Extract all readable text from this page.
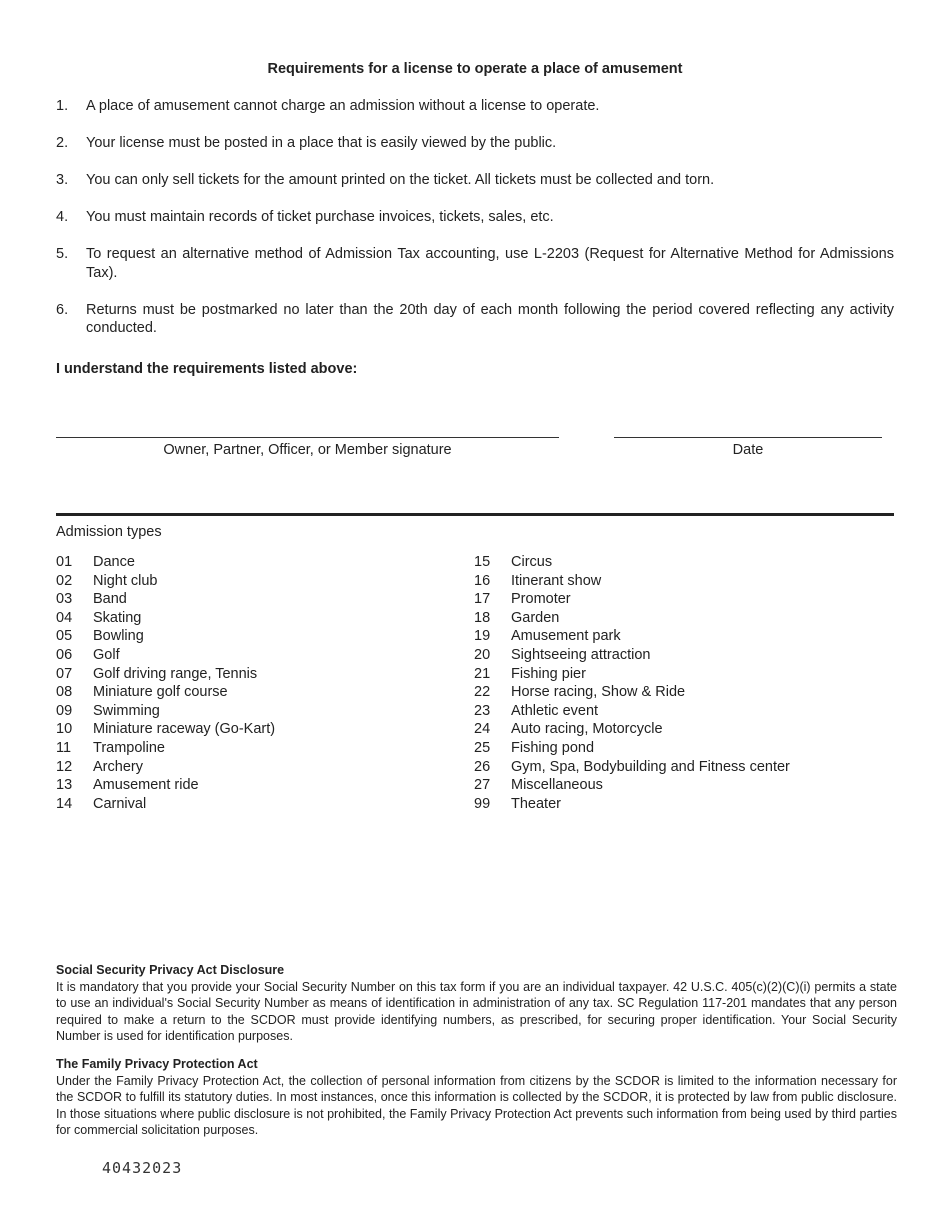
Requirements for a license to operate a place of amusement
1. A place of amusement cannot charge an admission without a license to operate.
2. Your license must be posted in a place that is easily viewed by the public.
3. You can only sell tickets for the amount printed on the ticket. All tickets must be collected and torn.
4. You must maintain records of ticket purchase invoices, tickets, sales, etc.
5. To request an alternative method of Admission Tax accounting, use L-2203 (Request for Alternative Method for Admissions Tax).
6. Returns must be postmarked no later than the 20th day of each month following the period covered reflecting any activity conducted.
I understand the requirements listed above:
Owner, Partner, Officer, or Member signature	Date
Admission types
01 Dance
02 Night club
03 Band
04 Skating
05 Bowling
06 Golf
07 Golf driving range, Tennis
08 Miniature golf course
09 Swimming
10 Miniature raceway (Go-Kart)
11 Trampoline
12 Archery
13 Amusement ride
14 Carnival
15 Circus
16 Itinerant show
17 Promoter
18 Garden
19 Amusement park
20 Sightseeing attraction
21 Fishing pier
22 Horse racing, Show & Ride
23 Athletic event
24 Auto racing, Motorcycle
25 Fishing pond
26 Gym, Spa, Bodybuilding and Fitness center
27 Miscellaneous
99 Theater
Social Security Privacy Act Disclosure
It is mandatory that you provide your Social Security Number on this tax form if you are an individual taxpayer. 42 U.S.C. 405(c)(2)(C)(i) permits a state to use an individual's Social Security Number as means of identification in administration of any tax. SC Regulation 117-201 mandates that any person required to make a return to the SCDOR must provide identifying numbers, as prescribed, for securing proper identification. Your Social Security Number is used for identification purposes.
The Family Privacy Protection Act
Under the Family Privacy Protection Act, the collection of personal information from citizens by the SCDOR is limited to the information necessary for the SCDOR to fulfill its statutory duties. In most instances, once this information is collected by the SCDOR, it is protected by law from public disclosure. In those situations where public disclosure is not prohibited, the Family Privacy Protection Act prevents such information from being used by third parties for commercial solicitation purposes.
40432023
